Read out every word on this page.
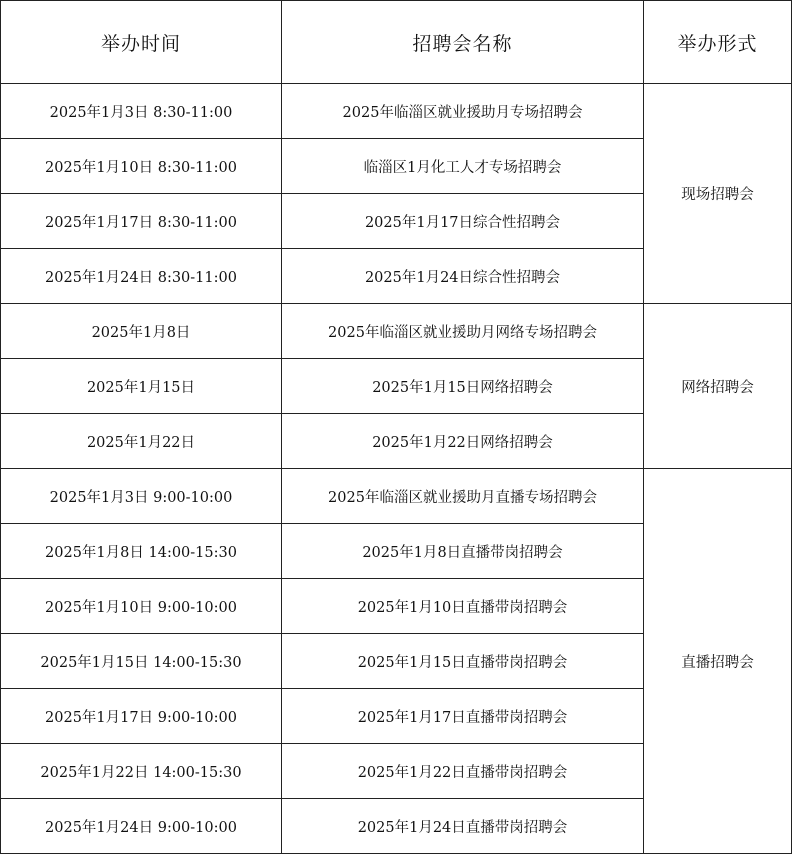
举办时间	招聘会名称	举办形式
2025年1月3日 8:30-11:00	2025年临淄区就业援助月专场招聘会	现场招聘会
2025年1月10日 8:30-11:00	临淄区1月化工人才专场招聘会	
2025年1月17日 8:30-11:00	2025年1月17日综合性招聘会	
2025年1月24日 8:30-11:00	2025年1月24日综合性招聘会	
2025年1月8日	2025年临淄区就业援助月网络专场招聘会	网络招聘会
2025年1月15日	2025年1月15日网络招聘会	
2025年1月22日	2025年1月22日网络招聘会	
2025年1月3日 9:00-10:00	2025年临淄区就业援助月直播专场招聘会	直播招聘会
2025年1月8日 14:00-15:30	2025年1月8日直播带岗招聘会	
2025年1月10日 9:00-10:00	2025年1月10日直播带岗招聘会	
2025年1月15日 14:00-15:30	2025年1月15日直播带岗招聘会	
2025年1月17日 9:00-10:00	2025年1月17日直播带岗招聘会	
2025年1月22日 14:00-15:30	2025年1月22日直播带岗招聘会	
2025年1月24日 9:00-10:00	2025年1月24日直播带岗招聘会	
